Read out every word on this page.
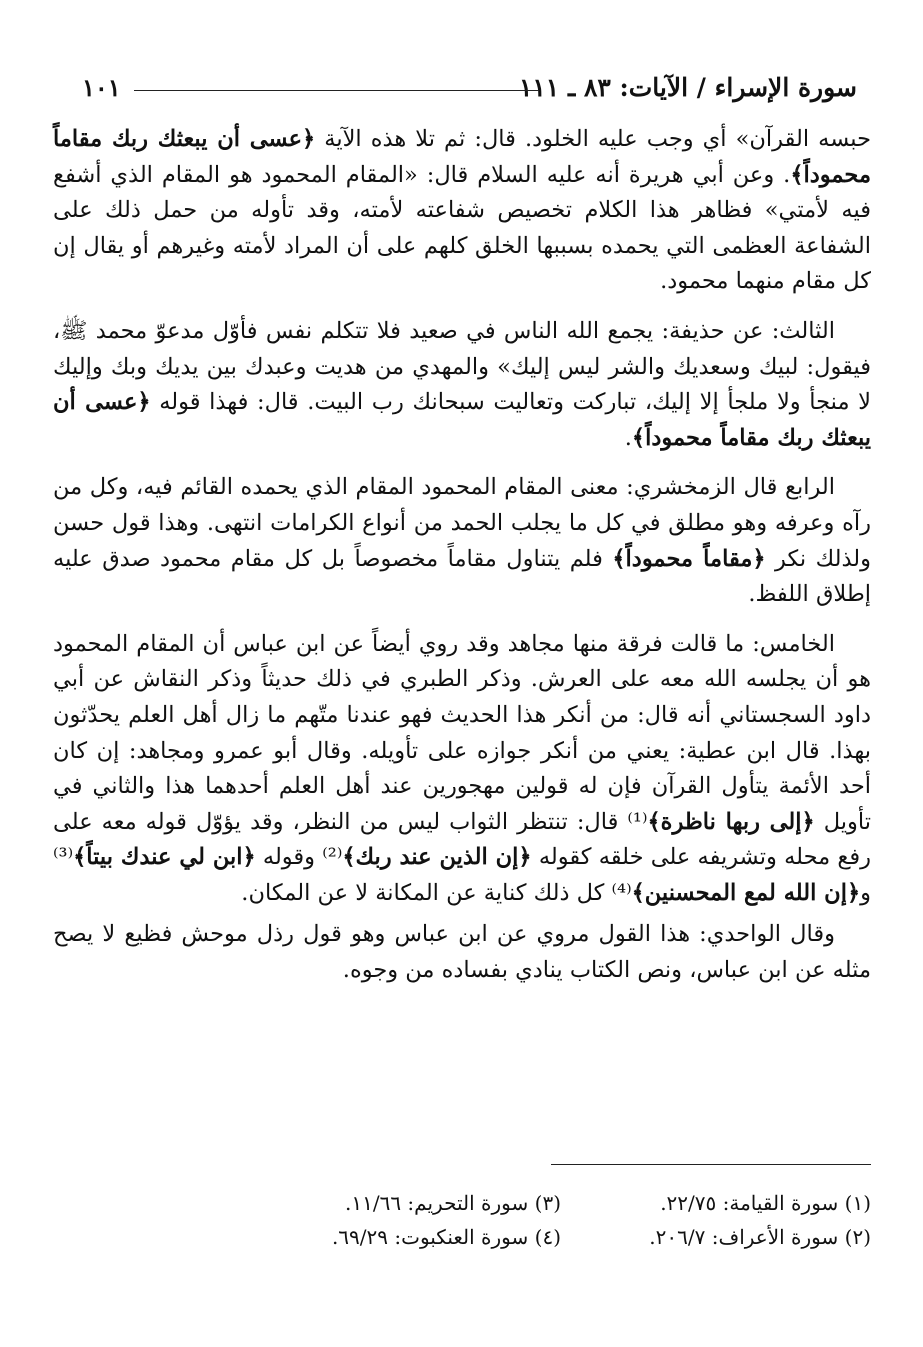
سورة الإسراء / الآيات: ٨٣ ـ ١١١
١٠١

حبسه القرآن» أي وجب عليه الخلود. قال: ثم تلا هذه الآية ﴿عسى أن يبعثك ربك مقاماً محموداً﴾. وعن أبي هريرة أنه عليه السلام قال: «المقام المحمود هو المقام الذي أشفع فيه لأمتي» فظاهر هذا الكلام تخصيص شفاعته لأمته، وقد تأوله من حمل ذلك على الشفاعة العظمى التي يحمده بسببها الخلق كلهم على أن المراد لأمته وغيرهم أو يقال إن كل مقام منهما محمود.

الثالث: عن حذيفة: يجمع الله الناس في صعيد فلا تتكلم نفس فأوّل مدعوّ محمد ﷺ، فيقول: لبيك وسعديك والشر ليس إليك» والمهدي من هديت وعبدك بين يديك وبك وإليك لا منجأ ولا ملجأ إلا إليك، تباركت وتعاليت سبحانك رب البيت. قال: فهذا قوله ﴿عسى أن يبعثك ربك مقاماً محموداً﴾.

الرابع قال الزمخشري: معنى المقام المحمود المقام الذي يحمده القائم فيه، وكل من رآه وعرفه وهو مطلق في كل ما يجلب الحمد من أنواع الكرامات انتهى. وهذا قول حسن ولذلك نكر ﴿مقاماً محموداً﴾ فلم يتناول مقاماً مخصوصاً بل كل مقام محمود صدق عليه إطلاق اللفظ.

الخامس: ما قالت فرقة منها مجاهد وقد روي أيضاً عن ابن عباس أن المقام المحمود هو أن يجلسه الله معه على العرش. وذكر الطبري في ذلك حديثاً وذكر النقاش عن أبي داود السجستاني أنه قال: من أنكر هذا الحديث فهو عندنا متّهم ما زال أهل العلم يحدّثون بهذا. قال ابن عطية: يعني من أنكر جوازه على تأويله. وقال أبو عمرو ومجاهد: إن كان أحد الأئمة يتأول القرآن فإن له قولين مهجورين عند أهل العلم أحدهما هذا والثاني في تأويل ﴿إلى ربها ناظرة﴾⁽¹⁾ قال: تنتظر الثواب ليس من النظر، وقد يؤوّل قوله معه على رفع محله وتشريفه على خلقه كقوله ﴿إن الذين عند ربك﴾⁽²⁾ وقوله ﴿ابن لي عندك بيتاً﴾⁽³⁾ و﴿إن الله لمع المحسنين﴾⁽⁴⁾ كل ذلك كناية عن المكانة لا عن المكان.

وقال الواحدي: هذا القول مروي عن ابن عباس وهو قول رذل موحش فظيع لا يصح مثله عن ابن عباس، ونص الكتاب ينادي بفساده من وجوه.

(١) سورة القيامة: ٢٢/٧٥.
(٣) سورة التحريم: ١١/٦٦.
(٢) سورة الأعراف: ٢٠٦/٧.
(٤) سورة العنكبوت: ٦٩/٢٩.
